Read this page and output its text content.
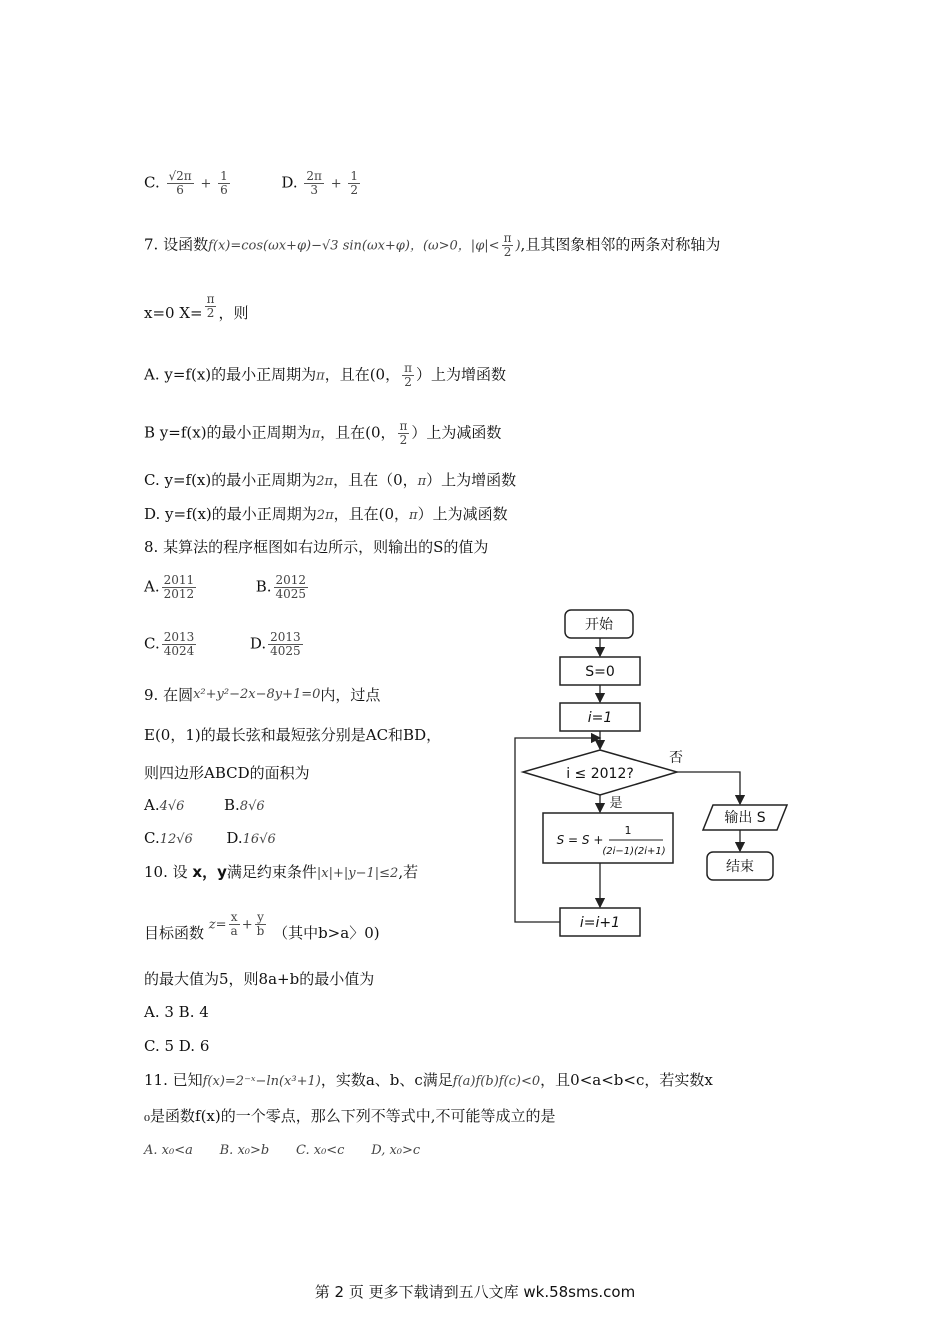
C. $\frac{√2\pi}{6} + \frac{1}{6}$	D. $\frac{2\pi}{3} + \frac{1}{2}$
7. 设函数f(x)=cos(ωx+φ)−√3 sin(ωx+φ)，(ω>0，$|\varphi|< \frac{\pi}{2}$ ),且其图象相邻的两条对称轴为
x=0 $X= \frac{\pi}{2}$ ，则
A. y=f(x)的最小正周期为π，且在(0， $\frac{\pi}{2}$ ）上为增函数
B y=f(x)的最小正周期为π，且在(0， $\frac{\pi}{2}$ ）上为减函数
C. y=f(x)的最小正周期为2π，且在（0，π）上为增函数
D. y=f(x)的最小正周期为2π，且在(0，π）上为减函数
8. 某算法的程序框图如右边所示，则输出的S的值为
A. $\frac{2011}{2012}$	B. $\frac{2012}{4025}$
C. $\frac{2013}{4024}$	D. $\frac{2013}{4025}$
9. 在圆x²+y²−2x−8y+1=0内，过点
E(0，1)的最长弦和最短弦分别是AC和BD，
则四边形ABCD的面积为
A.4√6	B.8√6
C.12√6 D.16√6
10. 设 x，y满足约束条件|x|+|y−1|≤2,若
目标函数 $z= \frac{x}{a} + \frac{y}{b}$ （其中b>a〉0)
的最大值为5，则8a+b的最小值为
A. 3 B. 4
C. 5 D. 6
11. 已知f(x)=2⁻ˣ−ln(x³+1)，实数a、b、c满足f(a)f(b)f(c)<0，且0<a<b<c，若实数x
₀是函数f(x)的一个零点，那么下列不等式中,不可能等成立的是
A. x₀<a B. x₀>b C. x₀<c D, x₀>c
开始
S=0
i=1
i ≤ 2012?
否
是
S = S +
1
(2i−1)(2i+1)
输出 S
结束
i=i+1
第 2 页 更多下载请到五八文库 wk.58sms.com
